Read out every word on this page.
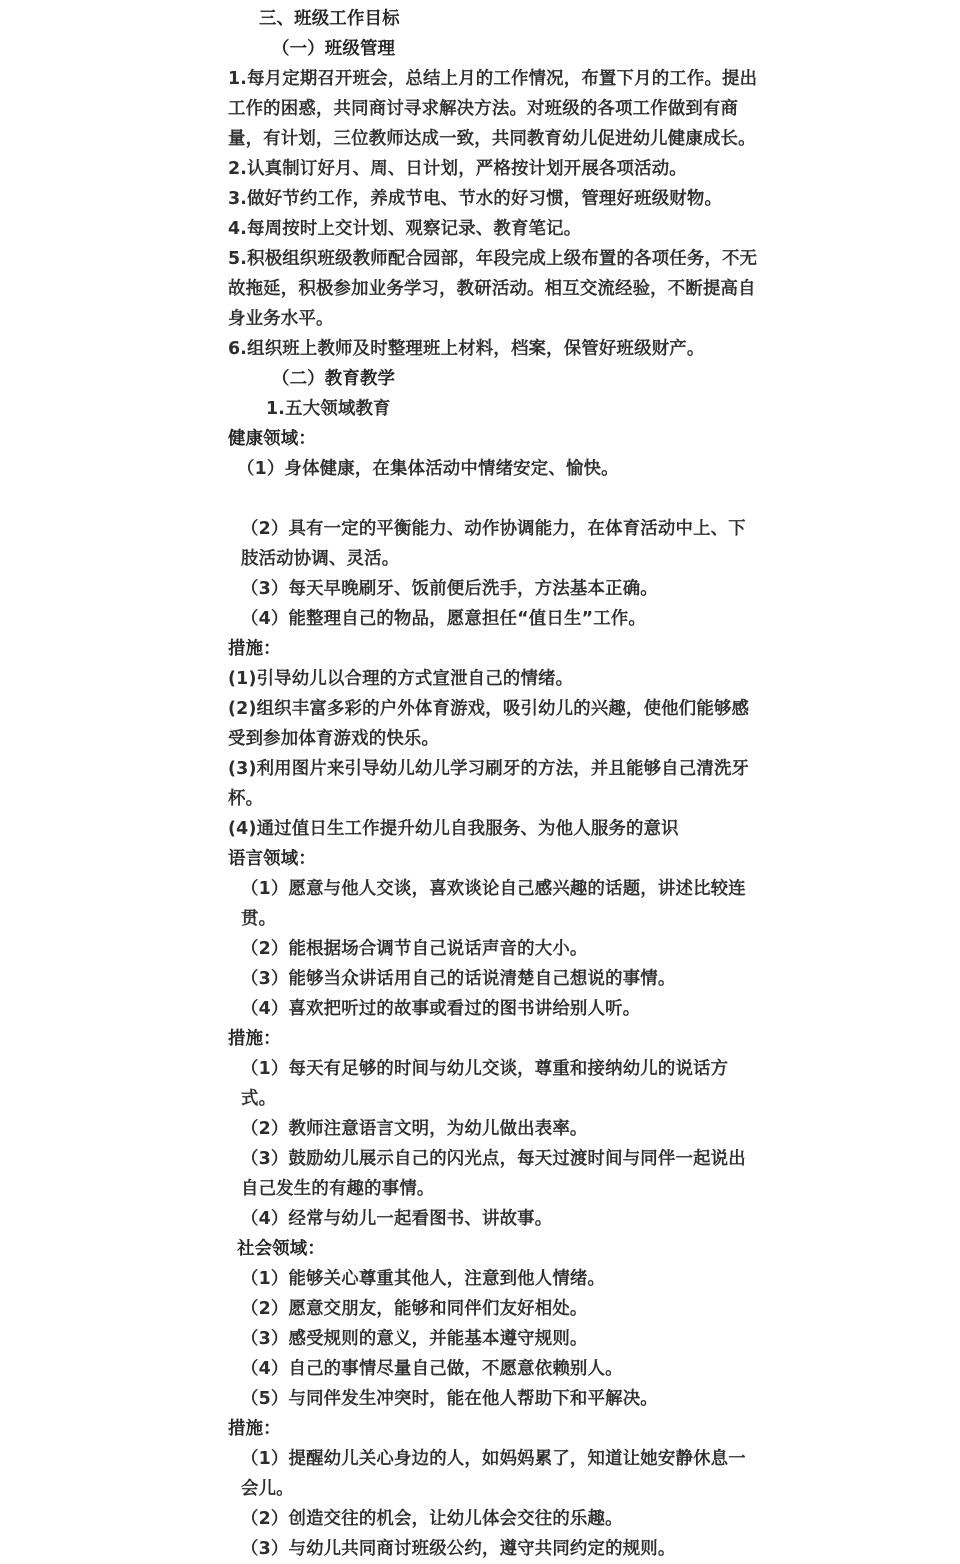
三、班级工作目标
（一）班级管理
1.每月定期召开班会，总结上月的工作情况，布置下月的工作。提出工作的困惑，共同商讨寻求解决方法。对班级的各项工作做到有商量，有计划，三位教师达成一致，共同教育幼儿促进幼儿健康成长。
2.认真制订好月、周、日计划，严格按计划开展各项活动。
3.做好节约工作，养成节电、节水的好习惯，管理好班级财物。
4.每周按时上交计划、观察记录、教育笔记。
5.积极组织班级教师配合园部，年段完成上级布置的各项任务，不无故拖延，积极参加业务学习，教研活动。相互交流经验，不断提高自身业务水平。
6.组织班上教师及时整理班上材料，档案，保管好班级财产。
（二）教育教学
1.五大领域教育
健康领域：
（1）身体健康，在集体活动中情绪安定、愉快。
（2）具有一定的平衡能力、动作协调能力，在体育活动中上、下肢活动协调、灵活。
（3）每天早晚刷牙、饭前便后洗手，方法基本正确。
（4）能整理自己的物品，愿意担任“值日生”工作。
措施：
(1)引导幼儿以合理的方式宣泄自己的情绪。
(2)组织丰富多彩的户外体育游戏，吸引幼儿的兴趣，使他们能够感受到参加体育游戏的快乐。
(3)利用图片来引导幼儿幼儿学习刷牙的方法，并且能够自己清洗牙杯。
(4)通过值日生工作提升幼儿自我服务、为他人服务的意识
语言领域：
（1）愿意与他人交谈，喜欢谈论自己感兴趣的话题，讲述比较连贯。
（2）能根据场合调节自己说话声音的大小。
（3）能够当众讲话用自己的话说清楚自己想说的事情。
（4）喜欢把听过的故事或看过的图书讲给别人听。
措施：
（1）每天有足够的时间与幼儿交谈，尊重和接纳幼儿的说话方式。
（2）教师注意语言文明，为幼儿做出表率。
（3）鼓励幼儿展示自己的闪光点，每天过渡时间与同伴一起说出自己发生的有趣的事情。
（4）经常与幼儿一起看图书、讲故事。
社会领域：
（1）能够关心尊重其他人，注意到他人情绪。
（2）愿意交朋友，能够和同伴们友好相处。
（3）感受规则的意义，并能基本遵守规则。
（4）自己的事情尽量自己做，不愿意依赖别人。
（5）与同伴发生冲突时，能在他人帮助下和平解决。
措施：
（1）提醒幼儿关心身边的人，如妈妈累了，知道让她安静休息一会儿。
（2）创造交往的机会，让幼儿体会交往的乐趣。
（3）与幼儿共同商讨班级公约，遵守共同约定的规则。
